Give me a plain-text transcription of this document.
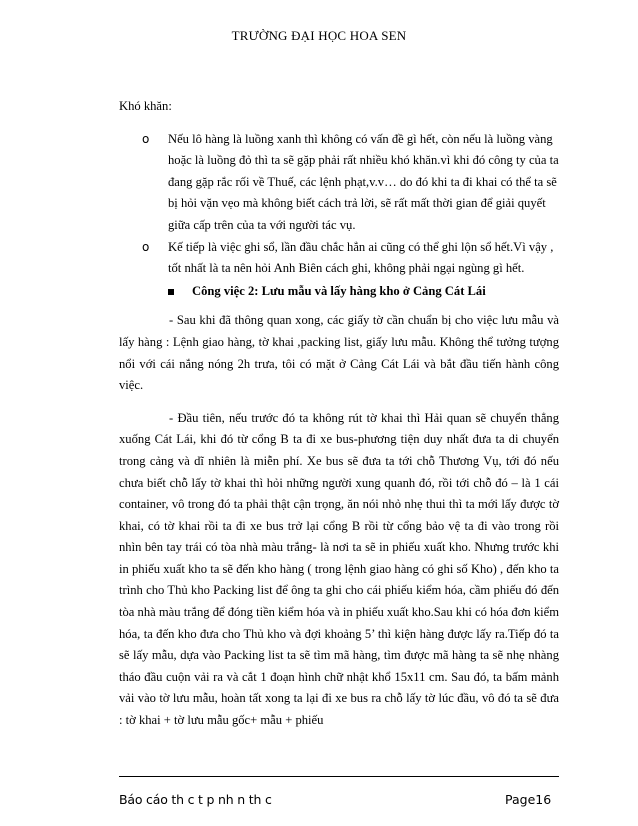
TRƯỜNG ĐẠI HỌC HOA SEN
Khó khăn:
o Nếu lô hàng là luồng xanh thì không có vấn đề gì hết, còn nếu là luồng vàng hoặc là luồng đỏ thì ta sẽ gặp phải rất nhiều khó khăn.vì khi đó công ty của ta đang gặp rắc rối về Thuế, các lệnh phạt,v.v… do đó khi ta đi khai có thể ta sẽ bị hỏi vặn vẹo mà không biết cách trả lời, sẽ rất mất thời gian để giải quyết giữa cấp trên của ta với người tác vụ.
o Kế tiếp là việc ghi sổ, lần đầu chắc hẳn ai cũng có thể ghi lộn sổ hết.Vì vậy , tốt nhất là ta nên hỏi Anh Biên cách ghi, không phải ngại ngùng gì hết.
Công việc 2: Lưu mẫu và lấy hàng kho ở Cảng Cát Lái

- Sau khi đã thông quan xong, các giấy tờ cần chuẩn bị cho việc lưu mẫu và lấy hàng : Lệnh giao hàng, tờ khai ,packing list, giấy lưu mẫu. Không thể tưởng tượng nổi với cái nắng nóng 2h trưa, tôi có mặt ở Cảng Cát Lái và bắt đầu tiến hành công việc.

- Đầu tiên, nếu trước đó ta không rút tờ khai thì Hải quan sẽ chuyển thẳng xuống Cát Lái, khi đó từ cổng B ta đi xe bus-phương tiện duy nhất đưa ta di chuyển trong cảng và dĩ nhiên là miễn phí. Xe bus sẽ đưa ta tới chỗ Thương Vụ, tới đó nếu chưa biết chỗ lấy tờ khai thì hỏi những người xung quanh đó, rồi tới chỗ đó – là 1 cái container, vô trong đó ta phải thật cận trọng, ăn nói nhỏ nhẹ thui thì ta mới lấy được tờ khai, có tờ khai rồi ta đi xe bus trở lại cổng B rồi từ cổng bảo vệ ta đi vào trong rồi nhìn bên tay trái có tòa nhà màu trắng- là nơi ta sẽ in phiếu xuất kho. Nhưng trước khi in phiếu xuất kho ta sẽ đến kho hàng ( trong lệnh giao hàng có ghi số Kho) , đến kho ta trình cho Thủ kho Packing list để ông ta ghi cho cái phiếu kiểm hóa, cầm phiếu đó đến tòa nhà màu trắng để đóng tiền kiểm hóa và in phiếu xuất kho.Sau khi có hóa đơn kiểm hóa, ta đến kho đưa cho Thủ kho và đợi khoảng 5’ thì kiện hàng được lấy ra.Tiếp đó ta sẽ lấy mẫu, dựa vào Packing list ta sẽ tìm mã hàng, tìm được mã hàng ta sẽ nhẹ nhàng tháo đầu cuộn vải ra và cắt 1 đoạn hình chữ nhật khổ 15x11 cm. Sau đó, ta bấm mảnh vải vào tờ lưu mẫu, hoàn tất xong ta lại đi xe bus ra chỗ lấy tờ lúc đầu, vô đó ta sẽ đưa : tờ khai + tờ lưu mẫu gốc+ mẫu + phiếu

Báo cáo th c t p nh n th c	Page16
